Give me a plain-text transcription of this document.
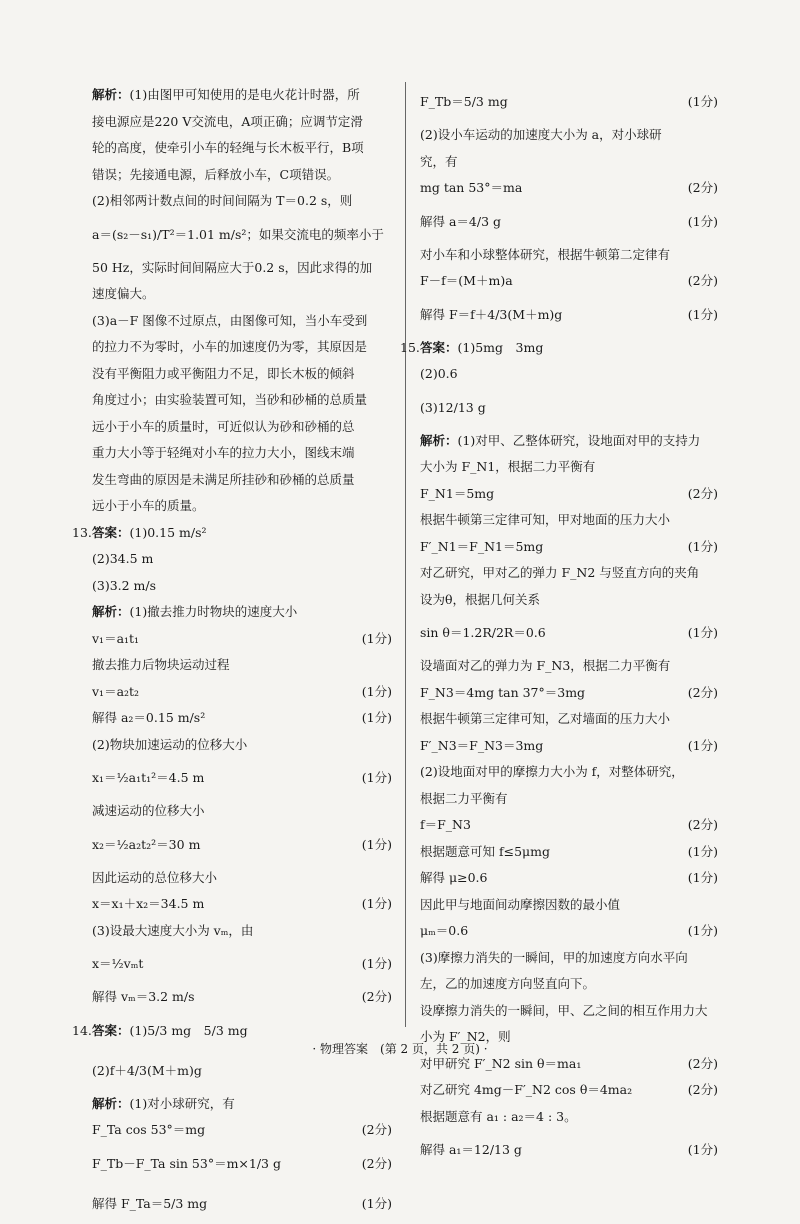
解析：(1)由图甲可知使用的是电火花计时器，所
接电源应是220 V交流电，A项正确；应调节定滑
轮的高度，使牵引小车的轻绳与长木板平行，B项
错误；先接通电源，后释放小车，C项错误。
(2)相邻两计数点间的时间间隔为 T＝0.2 s，则
a＝(s₂－s₁)/T²＝1.01 m/s²；如果交流电的频率小于
50 Hz，实际时间间隔应大于0.2 s，因此求得的加
速度偏大。
(3)a－F 图像不过原点，由图像可知，当小车受到
的拉力不为零时，小车的加速度仍为零，其原因是
没有平衡阻力或平衡阻力不足，即长木板的倾斜
角度过小；由实验装置可知，当砂和砂桶的总质量
远小于小车的质量时，可近似认为砂和砂桶的总
重力大小等于轻绳对小车的拉力大小，图线末端
发生弯曲的原因是未满足所挂砂和砂桶的总质量
远小于小车的质量。
13. 答案：(1)0.15 m/s²
(2)34.5 m
(3)3.2 m/s
解析：(1)撤去推力时物块的速度大小
v₁＝a₁t₁	(1分)
撤去推力后物块运动过程
v₁＝a₂t₂	(1分)
解得 a₂＝0.15 m/s²	(1分)
(2)物块加速运动的位移大小
x₁＝½a₁t₁²＝4.5 m	(1分)
减速运动的位移大小
x₂＝½a₂t₂²＝30 m	(1分)
因此运动的总位移大小
x＝x₁＋x₂＝34.5 m	(1分)
(3)设最大速度大小为 vₘ，由
x＝½vₘt	(1分)
解得 vₘ＝3.2 m/s	(2分)
14. 答案：(1)5/3 mg　5/3 mg
(2)f＋4/3(M＋m)g
解析：(1)对小球研究，有
F_Ta cos 53°＝mg	(2分)
F_Tb－F_Ta sin 53°＝m×1/3 g	(2分)
解得 F_Ta＝5/3 mg	(1分)
F_Tb＝5/3 mg	(1分)
(2)设小车运动的加速度大小为 a，对小球研
究，有
mg tan 53°＝ma	(2分)
解得 a＝4/3 g	(1分)
对小车和小球整体研究，根据牛顿第二定律有
F－f＝(M＋m)a	(2分)
解得 F＝f＋4/3(M＋m)g	(1分)
15. 答案：(1)5mg　3mg
(2)0.6
(3)12/13 g
解析：(1)对甲、乙整体研究，设地面对甲的支持力
大小为 F_N1，根据二力平衡有
F_N1＝5mg	(2分)
根据牛顿第三定律可知，甲对地面的压力大小
F′_N1＝F_N1＝5mg	(1分)
对乙研究，甲对乙的弹力 F_N2 与竖直方向的夹角
设为θ，根据几何关系
sin θ＝1.2R/2R＝0.6	(1分)
设墙面对乙的弹力为 F_N3，根据二力平衡有
F_N3＝4mg tan 37°＝3mg	(2分)
根据牛顿第三定律可知，乙对墙面的压力大小
F′_N3＝F_N3＝3mg	(1分)
(2)设地面对甲的摩擦力大小为 f，对整体研究，
根据二力平衡有
f＝F_N3	(2分)
根据题意可知 f≤5μmg	(1分)
解得 μ≥0.6	(1分)
因此甲与地面间动摩擦因数的最小值
μₘ＝0.6	(1分)
(3)摩擦力消失的一瞬间，甲的加速度方向水平向
左，乙的加速度方向竖直向下。
设摩擦力消失的一瞬间，甲、乙之间的相互作用力大
小为 F′_N2，则
对甲研究 F′_N2 sin θ＝ma₁	(2分)
对乙研究 4mg－F′_N2 cos θ＝4ma₂	(2分)
根据题意有 a₁ : a₂＝4 : 3。
解得 a₁＝12/13 g	(1分)
· 物理答案　(第 2 页，共 2 页) ·
